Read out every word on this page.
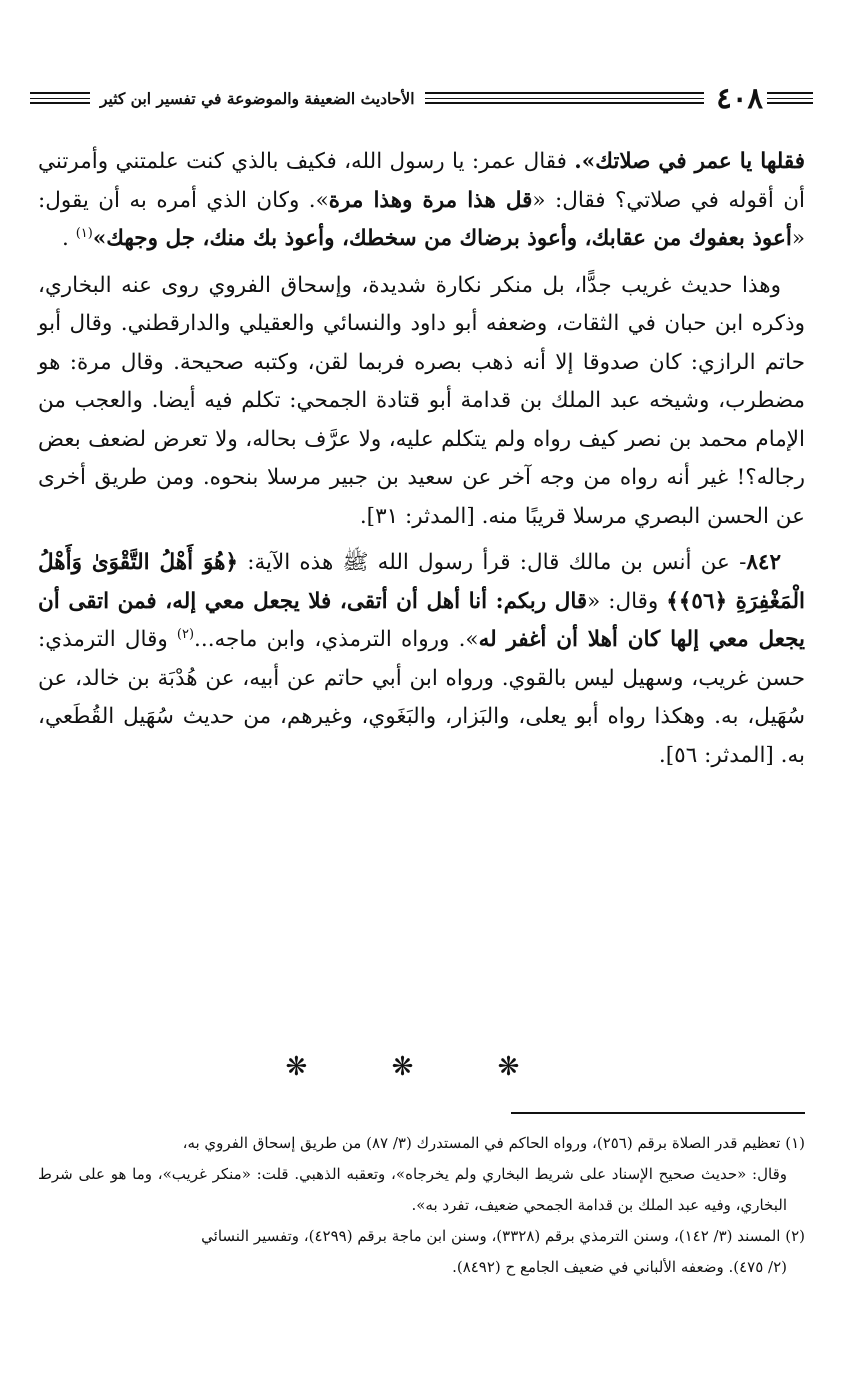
٤٠٨
الأحاديث الضعيفة والموضوعة في تفسير ابن كثير

فقلها يا عمر في صلاتك». فقال عمر: يا رسول الله، فكيف بالذي كنت علمتني وأمرتني أن أقوله في صلاتي؟ فقال: «قل هذا مرة وهذا مرة». وكان الذي أمره به أن يقول: «أعوذ بعفوك من عقابك، وأعوذ برضاك من سخطك، وأعوذ بك منك، جل وجهك»$^{(١)}$ .

وهذا حديث غريب جدًّا، بل منكر نكارة شديدة، وإسحاق الفروي روى عنه البخاري، وذكره ابن حبان في الثقات، وضعفه أبو داود والنسائي والعقيلي والدارقطني. وقال أبو حاتم الرازي: كان صدوقا إلا أنه ذهب بصره فربما لقن، وكتبه صحيحة. وقال مرة: هو مضطرب، وشيخه عبد الملك بن قدامة أبو قتادة الجمحي: تكلم فيه أيضا. والعجب من الإمام محمد بن نصر كيف رواه ولم يتكلم عليه، ولا عرَّف بحاله، ولا تعرض لضعف بعض رجاله؟! غير أنه رواه من وجه آخر عن سعيد بن جبير مرسلا بنحوه. ومن طريق أخرى عن الحسن البصري مرسلا قريبًا منه. [المدثر: ٣١].

٨٤٢- عن أنس بن مالك قال: قرأ رسول الله ﷺ هذه الآية: ﴿هُوَ أَهْلُ التَّقْوَىٰ وَأَهْلُ الْمَغْفِرَةِ ﴿٥٦﴾﴾ وقال: «قال ربكم: أنا أهل أن أتقى، فلا يجعل معي إله، فمن اتقى أن يجعل معي إلها كان أهلا أن أغفر له». ورواه الترمذي، وابن ماجه...$^{(٢)}$ وقال الترمذي: حسن غريب، وسهيل ليس بالقوي. ورواه ابن أبي حاتم عن أبيه، عن هُدْبَة بن خالد، عن سُهَيل، به. وهكذا رواه أبو يعلى، والبَزار، والبَغَوي، وغيرهم، من حديث سُهَيل القُطَعي، به. [المدثر: ٥٦].

❋ ❋ ❋

(١) تعظيم قدر الصلاة برقم (٢٥٦)، ورواه الحاكم في المستدرك (٣/ ٨٧) من طريق إسحاق الفروي به،

وقال: «حديث صحيح الإسناد على شريط البخاري ولم يخرجاه»، وتعقبه الذهبي. قلت: «منكر غريب»، وما هو على شرط البخاري، وفيه عبد الملك بن قدامة الجمحي ضعيف، تفرد به».

(٢) المسند (٣/ ١٤٢)، وسنن الترمذي برقم (٣٣٢٨)، وسنن ابن ماجة برقم (٤٢٩٩)، وتفسير النسائي

(٢/ ٤٧٥). وضعفه الألباني في ضعيف الجامع ح (٨٤٩٢).
